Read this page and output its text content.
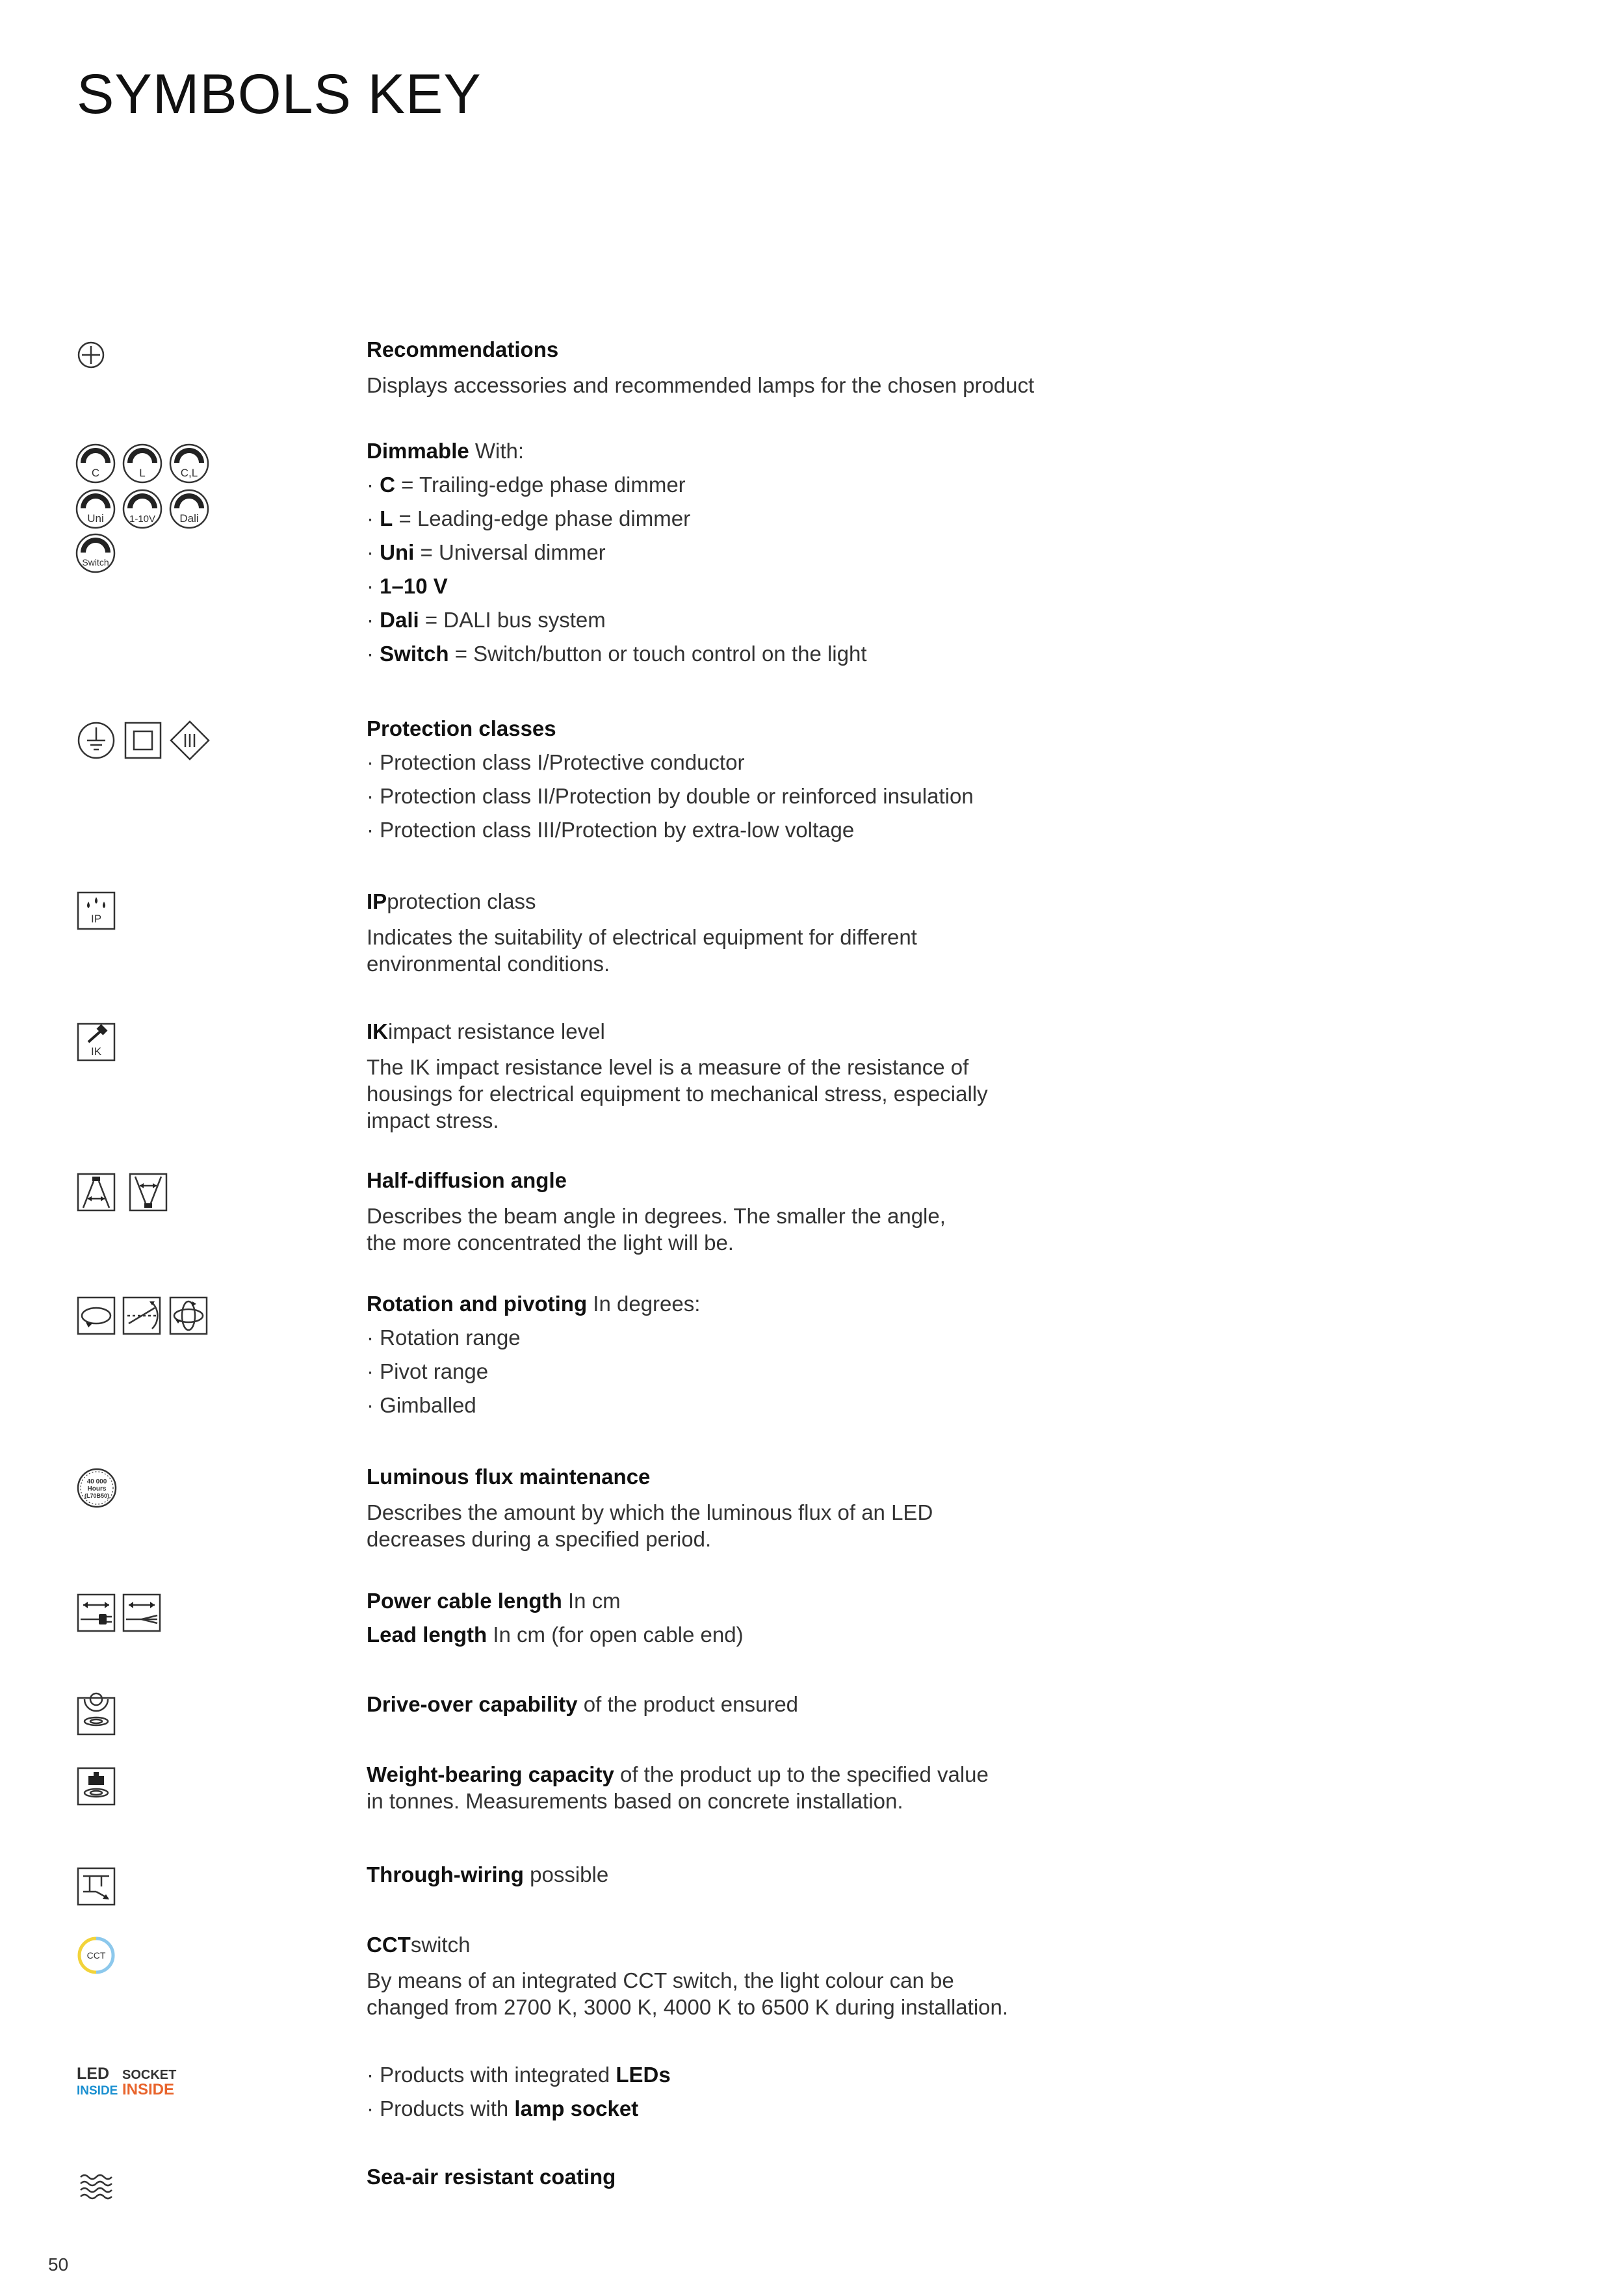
SYMBOLS KEY
Recommendations
Displays accessories and recommended lamps for the chosen product
C	L	C,L
Uni	1-10V Dali
Switch
Dimmable With:
· C = Trailing-edge phase dimmer
· L = Leading-edge phase dimmer
· Uni = Universal dimmer
· 1–10 V
· Dali = DALI bus system
· Switch = Switch/button or touch control on the light
Protection classes
· Protection class I/Protective conductor
· Protection class II/Protection by double or reinforced insulation
· Protection class III/Protection by extra-low voltage
IP
IPprotection class
Indicates the suitability of electrical equipment for different
environmental conditions.
IK
IKimpact resistance level
The IK impact resistance level is a measure of the resistance of
housings for electrical equipment to mechanical stress, especially
impact stress.
Half-diffusion angle
Describes the beam angle in degrees. The smaller the angle,
the more concentrated the light will be.
Rotation and pivoting In degrees:
· Rotation range
· Pivot range
· Gimballed
40 000
Hours
(L70B50)
Luminous flux maintenance
Describes the amount by which the luminous flux of an LED
decreases during a specified period.
Power cable length In cm
Lead length In cm (for open cable end)
Drive-over capability of the product ensured
Weight-bearing capacity of the product up to the specified value
in tonnes. Measurements based on concrete installation.
Through-wiring possible
CCT	CCTswitch
By means of an integrated CCT switch, the light colour can be
changed from 2700 K, 3000 K, 4000 K to 6500 K during installation.
LED
INSIDE
SOCKET
INSIDE
· Products with integrated LEDs
· Products with lamp socket
Sea-air resistant coating
50
